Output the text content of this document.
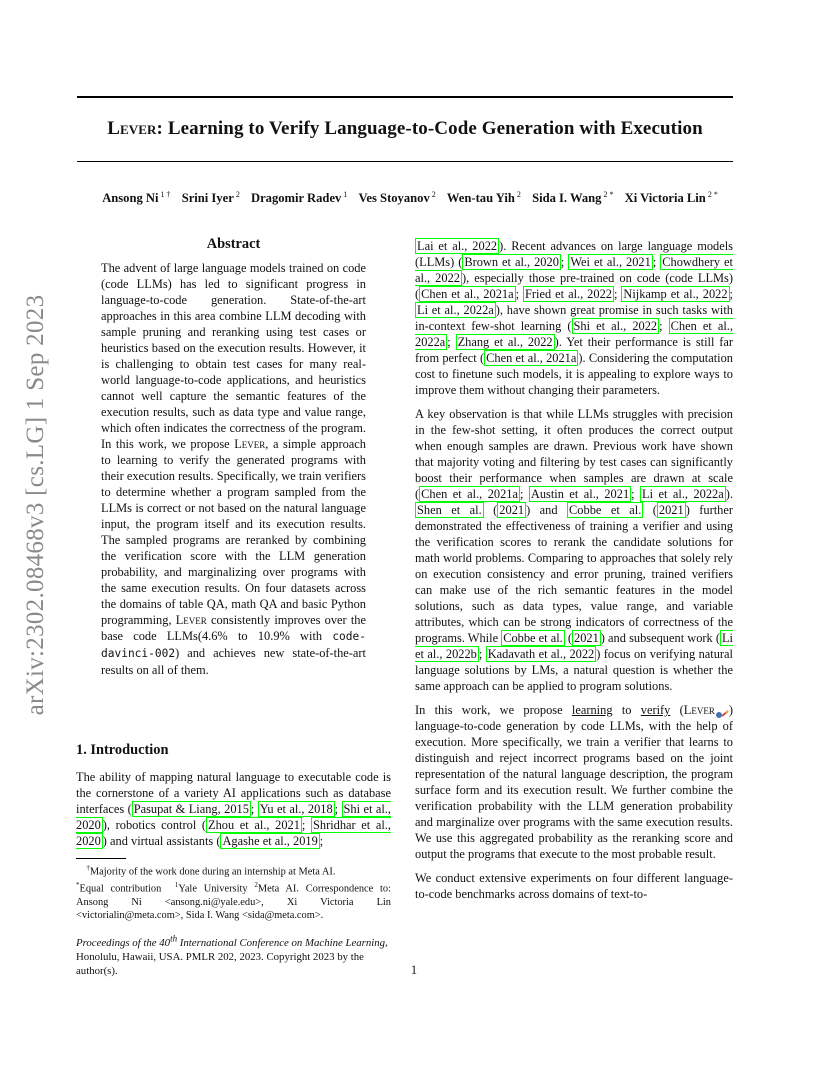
arXiv:2302.08468v3 [cs.LG] 1 Sep 2023
Lever: Learning to Verify Language-to-Code Generation with Execution
Ansong Ni $^{1 \dagger}$ Srini Iyer $^2$ Dragomir Radev $^1$ Ves Stoyanov $^2$ Wen-tau Yih $^2$ Sida I. Wang $^{2 *}$ Xi Victoria Lin $^{2 *}$
Abstract

The advent of large language models trained on code (code LLMs) has led to significant progress in language-to-code generation. State-of-the-art approaches in this area combine LLM decoding with sample pruning and reranking using test cases or heuristics based on the execution results. However, it is challenging to obtain test cases for many real-world language-to-code applications, and heuristics cannot well capture the semantic features of the execution results, such as data type and value range, which often indicates the correctness of the program. In this work, we propose Lever, a simple approach to learning to verify the generated programs with their execution results. Specifically, we train verifiers to determine whether a program sampled from the LLMs is correct or not based on the natural language input, the program itself and its execution results. The sampled programs are reranked by combining the verification score with the LLM generation probability, and marginalizing over programs with the same execution results. On four datasets across the domains of table QA, math QA and basic Python programming, Lever consistently improves over the base code LLMs(4.6% to 10.9% with code-davinci-002) and achieves new state-of-the-art results on all of them.

1. Introduction

The ability of mapping natural language to executable code is the cornerstone of a variety AI applications such as database interfaces ( Pasupat & Liang, 2015 ; Yu et al., 2018 ; Shi et al., 2020 ), robotics control ( Zhou et al., 2021 ; Shridhar et al., 2020 ) and virtual assistants ( Agashe et al., 2019 ;

†Majority of the work done during an internship at Meta AI.
*Equal contribution $^1$Yale University $^2$Meta AI. Correspondence to: Ansong Ni <ansong.ni@yale.edu>, Xi Victoria Lin <victorialin@meta.com>, Sida I. Wang <sida@meta.com>.
Proceedings of the 40th International Conference on Machine Learning, Honolulu, Hawaii, USA. PMLR 202, 2023. Copyright 2023 by the author(s).

Lai et al., 2022 ). Recent advances on large language models (LLMs) ( Brown et al., 2020 ; Wei et al., 2021 ; Chowdhery et al., 2022 ), especially those pre-trained on code (code LLMs) ( Chen et al., 2021a ; Fried et al., 2022 ; Nijkamp et al., 2022 ; Li et al., 2022a ), have shown great promise in such tasks with in-context few-shot learning ( Shi et al., 2022 ; Chen et al., 2022a ; Zhang et al., 2022 ). Yet their performance is still far from perfect ( Chen et al., 2021a ). Considering the computation cost to finetune such models, it is appealing to explore ways to improve them without changing their parameters.

A key observation is that while LLMs struggles with precision in the few-shot setting, it often produces the correct output when enough samples are drawn. Previous work have shown that majority voting and filtering by test cases can significantly boost their performance when samples are drawn at scale ( Chen et al., 2021a ; Austin et al., 2021 ; Li et al., 2022a ). Shen et al. ( 2021 ) and Cobbe et al. ( 2021 ) further demonstrated the effectiveness of training a verifier and using the verification scores to rerank the candidate solutions for math world problems. Comparing to approaches that solely rely on execution consistency and error pruning, trained verifiers can make use of the rich semantic features in the model solutions, such as data types, value range, and variable attributes, which can be strong indicators of correctness of the programs. While Cobbe et al. ( 2021 ) and subsequent work ( Li et al., 2022b ; Kadavath et al., 2022 ) focus on verifying natural language solutions by LMs, a natural question is whether the same approach can be applied to program solutions.

In this work, we propose learning to verify (Lever ) language-to-code generation by code LLMs, with the help of execution. More specifically, we train a verifier that learns to distinguish and reject incorrect programs based on the joint representation of the natural language description, the program surface form and its execution result. We further combine the verification probability with the LLM generation probability and marginalize over programs with the same execution results. We use this aggregated probability as the reranking score and output the programs that execute to the most probable result.

We conduct extensive experiments on four different language-to-code benchmarks across domains of text-to-

1
